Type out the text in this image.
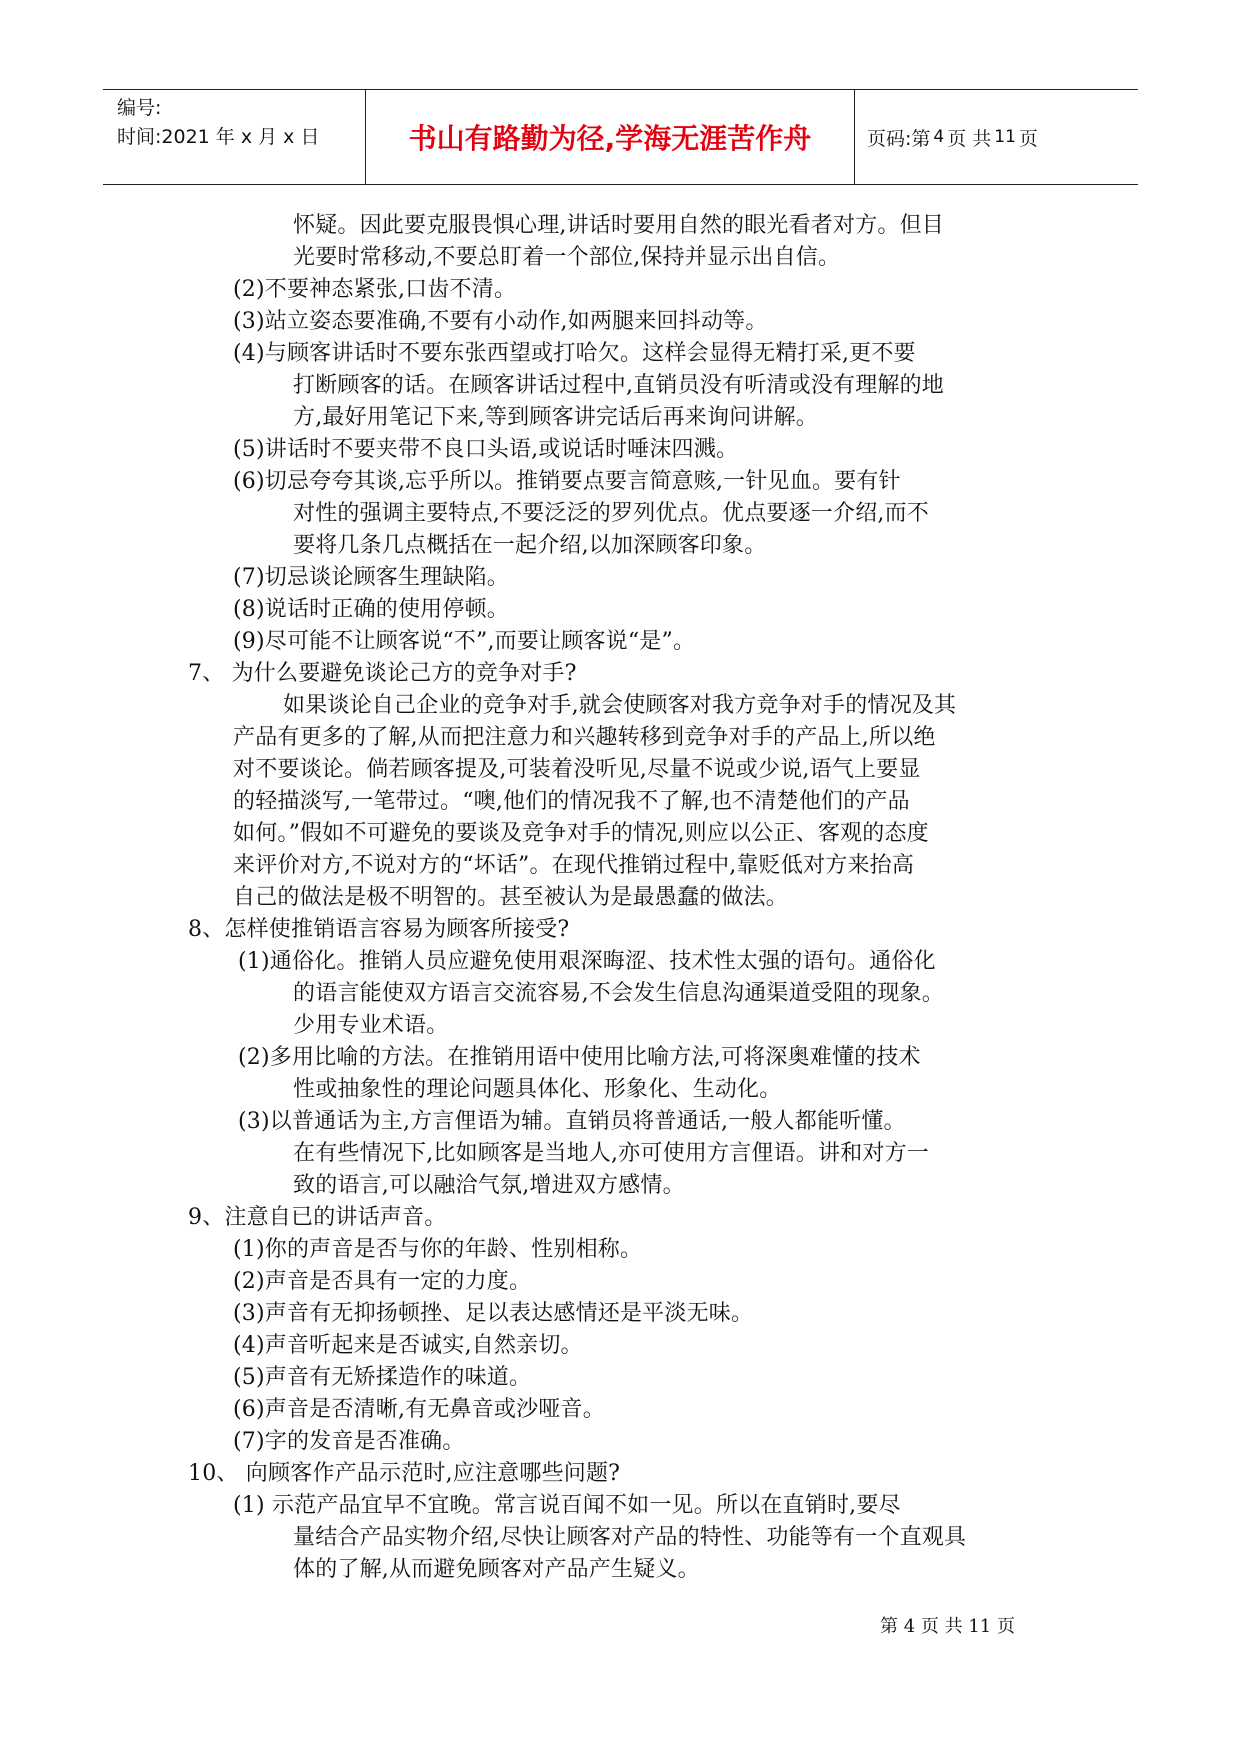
编号:
时间:2021 年 x 月 x 日	书山有路勤为径,学海无涯苦作舟	页码:第 4 页 共 11 页
怀疑。因此要克服畏惧心理,讲话时要用自然的眼光看者对方。但目
光要时常移动,不要总盯着一个部位,保持并显示出自信。
(2)不要神态紧张,口齿不清。
(3)站立姿态要准确,不要有小动作,如两腿来回抖动等。
(4)与顾客讲话时不要东张西望或打哈欠。这样会显得无精打采,更不要
打断顾客的话。在顾客讲话过程中,直销员没有听清或没有理解的地
方,最好用笔记下来,等到顾客讲完话后再来询问讲解。
(5)讲话时不要夹带不良口头语,或说话时唾沫四溅。
(6)切忌夸夸其谈,忘乎所以。推销要点要言简意赅,一针见血。要有针
对性的强调主要特点,不要泛泛的罗列优点。优点要逐一介绍,而不
要将几条几点概括在一起介绍,以加深顾客印象。
(7)切忌谈论顾客生理缺陷。
(8)说话时正确的使用停顿。
(9)尽可能不让顾客说“不”,而要让顾客说“是”。
7、 为什么要避免谈论己方的竞争对手?
如果谈论自己企业的竞争对手,就会使顾客对我方竞争对手的情况及其
产品有更多的了解,从而把注意力和兴趣转移到竞争对手的产品上,所以绝
对不要谈论。倘若顾客提及,可装着没听见,尽量不说或少说,语气上要显
的轻描淡写,一笔带过。“噢,他们的情况我不了解,也不清楚他们的产品
如何。”假如不可避免的要谈及竞争对手的情况,则应以公正、客观的态度
来评价对方,不说对方的“坏话”。在现代推销过程中,靠贬低对方来抬高
自己的做法是极不明智的。甚至被认为是最愚蠢的做法。
8、怎样使推销语言容易为顾客所接受?
(1)通俗化。推销人员应避免使用艰深晦涩、技术性太强的语句。通俗化
的语言能使双方语言交流容易,不会发生信息沟通渠道受阻的现象。
少用专业术语。
(2)多用比喻的方法。在推销用语中使用比喻方法,可将深奥难懂的技术
性或抽象性的理论问题具体化、形象化、生动化。
(3)以普通话为主,方言俚语为辅。直销员将普通话,一般人都能听懂。
在有些情况下,比如顾客是当地人,亦可使用方言俚语。讲和对方一
致的语言,可以融洽气氛,增进双方感情。
9、注意自已的讲话声音。
(1)你的声音是否与你的年龄、性别相称。
(2)声音是否具有一定的力度。
(3)声音有无抑扬顿挫、足以表达感情还是平淡无味。
(4)声音听起来是否诚实,自然亲切。
(5)声音有无矫揉造作的味道。
(6)声音是否清晰,有无鼻音或沙哑音。
(7)字的发音是否准确。
10、 向顾客作产品示范时,应注意哪些问题?
(1) 示范产品宜早不宜晚。常言说百闻不如一见。所以在直销时,要尽
量结合产品实物介绍,尽快让顾客对产品的特性、功能等有一个直观具
体的了解,从而避免顾客对产品产生疑义。
第 4 页 共 11 页
